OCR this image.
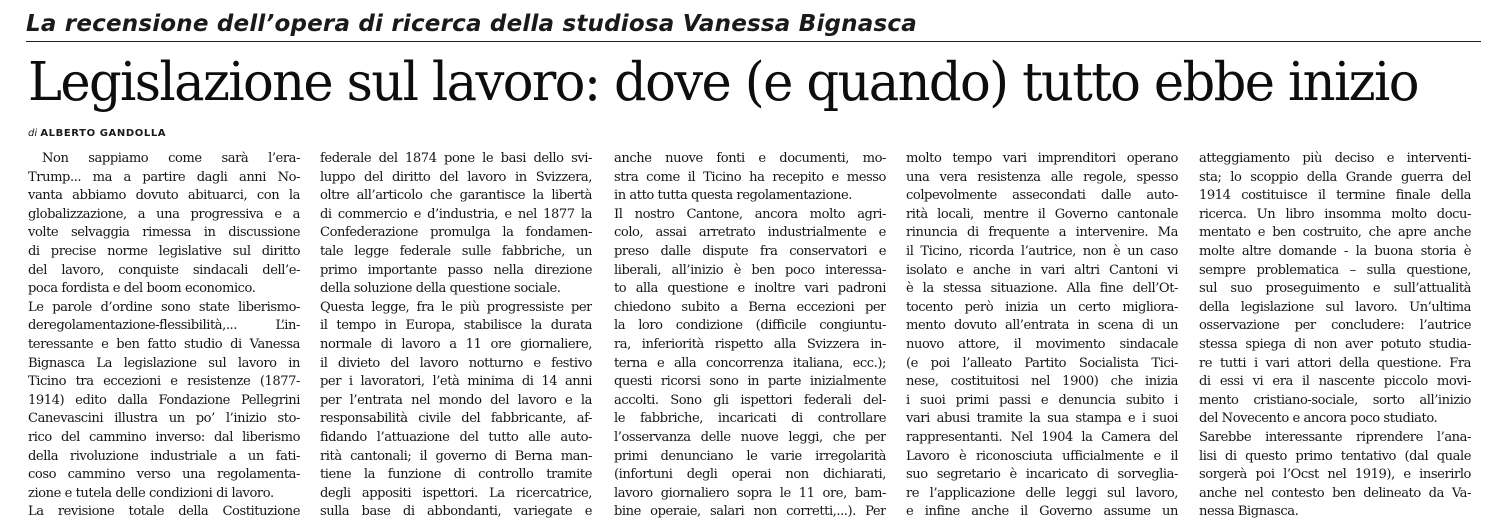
La recensione dell’opera di ricerca della studiosa Vanessa Bignasca
Legislazione sul lavoro: dove (e quando) tutto ebbe inizio
di ALBERTO GANDOLLA
Non sappiamo come sarà l’era-
Trump... ma a partire dagli anni No-
vanta abbiamo dovuto abituarci, con la
globalizzazione, a una progressiva e a
volte selvaggia rimessa in discussione
di precise norme legislative sul diritto
del lavoro, conquiste sindacali dell’e-
poca fordista e del boom economico.
Le parole d’ordine sono state liberismo-
deregolamentazione-flessibilità,... L’in-
teressante e ben fatto studio di Vanessa
Bignasca La legislazione sul lavoro in
Ticino tra eccezioni e resistenze (1877-
1914) edito dalla Fondazione Pellegrini
Canevascini illustra un po’ l’inizio sto-
rico del cammino inverso: dal liberismo
della rivoluzione industriale a un fati-
coso cammino verso una regolamenta-
zione e tutela delle condizioni di lavoro.
La revisione totale della Costituzione
federale del 1874 pone le basi dello svi-
luppo del diritto del lavoro in Svizzera,
oltre all’articolo che garantisce la libertà
di commercio e d’industria, e nel 1877 la
Confederazione promulga la fondamen-
tale legge federale sulle fabbriche, un
primo importante passo nella direzione
della soluzione della questione sociale.
Questa legge, fra le più progressiste per
il tempo in Europa, stabilisce la durata
normale di lavoro a 11 ore giornaliere,
il divieto del lavoro notturno e festivo
per i lavoratori, l’età minima di 14 anni
per l’entrata nel mondo del lavoro e la
responsabilità civile del fabbricante, af-
fidando l’attuazione del tutto alle auto-
rità cantonali; il governo di Berna man-
tiene la funzione di controllo tramite
degli appositi ispettori. La ricercatrice,
sulla base di abbondanti, variegate e
anche nuove fonti e documenti, mo-
stra come il Ticino ha recepito e messo
in atto tutta questa regolamentazione.
Il nostro Cantone, ancora molto agri-
colo, assai arretrato industrialmente e
preso dalle dispute fra conservatori e
liberali, all’inizio è ben poco interessa-
to alla questione e inoltre vari padroni
chiedono subito a Berna eccezioni per
la loro condizione (difficile congiuntu-
ra, inferiorità rispetto alla Svizzera in-
terna e alla concorrenza italiana, ecc.);
questi ricorsi sono in parte inizialmente
accolti. Sono gli ispettori federali del-
le fabbriche, incaricati di controllare
l’osservanza delle nuove leggi, che per
primi denunciano le varie irregolarità
(infortuni degli operai non dichiarati,
lavoro giornaliero sopra le 11 ore, bam-
bine operaie, salari non corretti,...). Per
molto tempo vari imprenditori operano
una vera resistenza alle regole, spesso
colpevolmente assecondati dalle auto-
rità locali, mentre il Governo cantonale
rinuncia di frequente a intervenire. Ma
il Ticino, ricorda l’autrice, non è un caso
isolato e anche in vari altri Cantoni vi
è la stessa situazione. Alla fine dell’Ot-
tocento però inizia un certo migliora-
mento dovuto all’entrata in scena di un
nuovo attore, il movimento sindacale
(e poi l’alleato Partito Socialista Tici-
nese, costituitosi nel 1900) che inizia
i suoi primi passi e denuncia subito i
vari abusi tramite la sua stampa e i suoi
rappresentanti. Nel 1904 la Camera del
Lavoro è riconosciuta ufficialmente e il
suo segretario è incaricato di sorveglia-
re l’applicazione delle leggi sul lavoro,
e infine anche il Governo assume un
atteggiamento più deciso e interventi-
sta; lo scoppio della Grande guerra del
1914 costituisce il termine finale della
ricerca. Un libro insomma molto docu-
mentato e ben costruito, che apre anche
molte altre domande - la buona storia è
sempre problematica – sulla questione,
sul suo proseguimento e sull’attualità
della legislazione sul lavoro. Un’ultima
osservazione per concludere: l’autrice
stessa spiega di non aver potuto studia-
re tutti i vari attori della questione. Fra
di essi vi era il nascente piccolo movi-
mento cristiano-sociale, sorto all’inizio
del Novecento e ancora poco studiato.
Sarebbe interessante riprendere l’ana-
lisi di questo primo tentativo (dal quale
sorgerà poi l’Ocst nel 1919), e inserirlo
anche nel contesto ben delineato da Va-
nessa Bignasca.
